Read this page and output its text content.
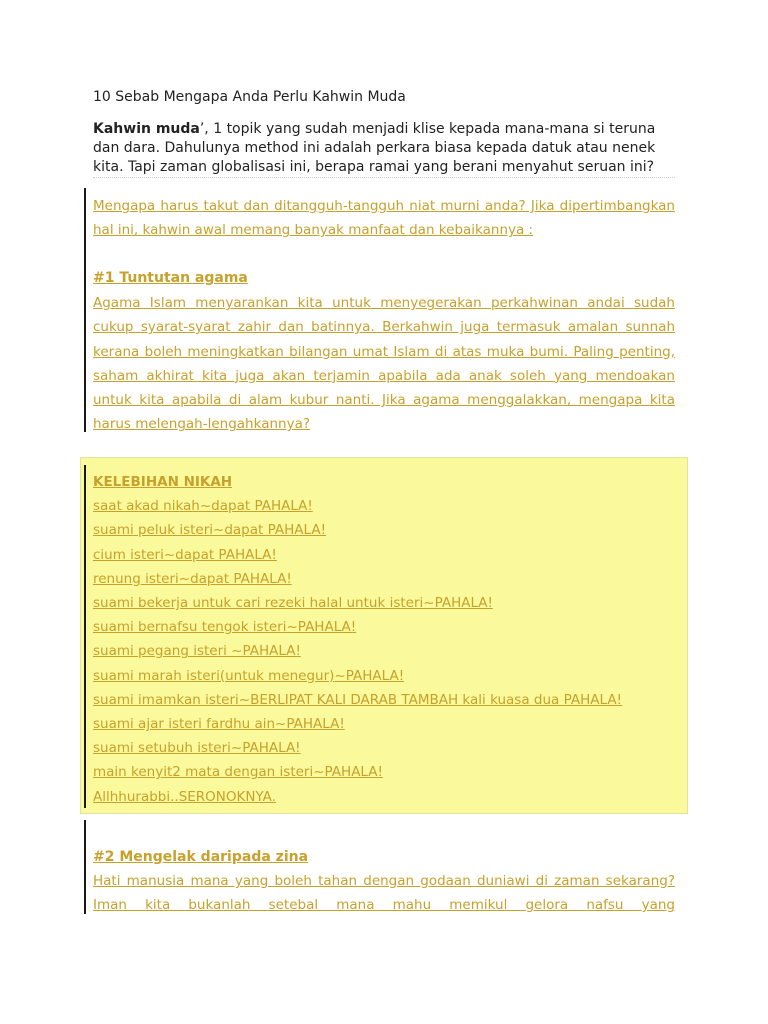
10 Sebab Mengapa Anda Perlu Kahwin Muda
Kahwin muda’, 1 topik yang sudah menjadi klise kepada mana-mana si teruna dan dara. Dahulunya method ini adalah perkara biasa kepada datuk atau nenek kita. Tapi zaman globalisasi ini, berapa ramai yang berani menyahut seruan ini?
Mengapa harus takut dan ditangguh-tangguh niat murni anda? Jika dipertimbangkan hal ini, kahwin awal memang banyak manfaat dan kebaikannya :
#1 Tuntutan agama
Agama Islam menyarankan kita untuk menyegerakan perkahwinan andai sudah cukup syarat-syarat zahir dan batinnya. Berkahwin juga termasuk amalan sunnah kerana boleh meningkatkan bilangan umat Islam di atas muka bumi. Paling penting, saham akhirat kita juga akan terjamin apabila ada anak soleh yang mendoakan untuk kita apabila di alam kubur nanti. Jika agama menggalakkan, mengapa kita harus melengah-lengahkannya?
KELEBIHAN NIKAH
saat akad nikah~dapat PAHALA!
suami peluk isteri~dapat PAHALA!
cium isteri~dapat PAHALA!
renung isteri~dapat PAHALA!
suami bekerja untuk cari rezeki halal untuk isteri~PAHALA!
suami bernafsu tengok isteri~PAHALA!
suami pegang isteri ~PAHALA!
suami marah isteri(untuk menegur)~PAHALA!
suami imamkan isteri~BERLIPAT KALI DARAB TAMBAH kali kuasa dua PAHALA!
suami ajar isteri fardhu ain~PAHALA!
suami setubuh isteri~PAHALA!
main kenyit2 mata dengan isteri~PAHALA!
Allhhurabbi..SERONOKNYA.
#2 Mengelak daripada zina
Hati manusia mana yang boleh tahan dengan godaan duniawi di zaman sekarang? Iman kita bukanlah setebal mana mahu memikul gelora nafsu yang
